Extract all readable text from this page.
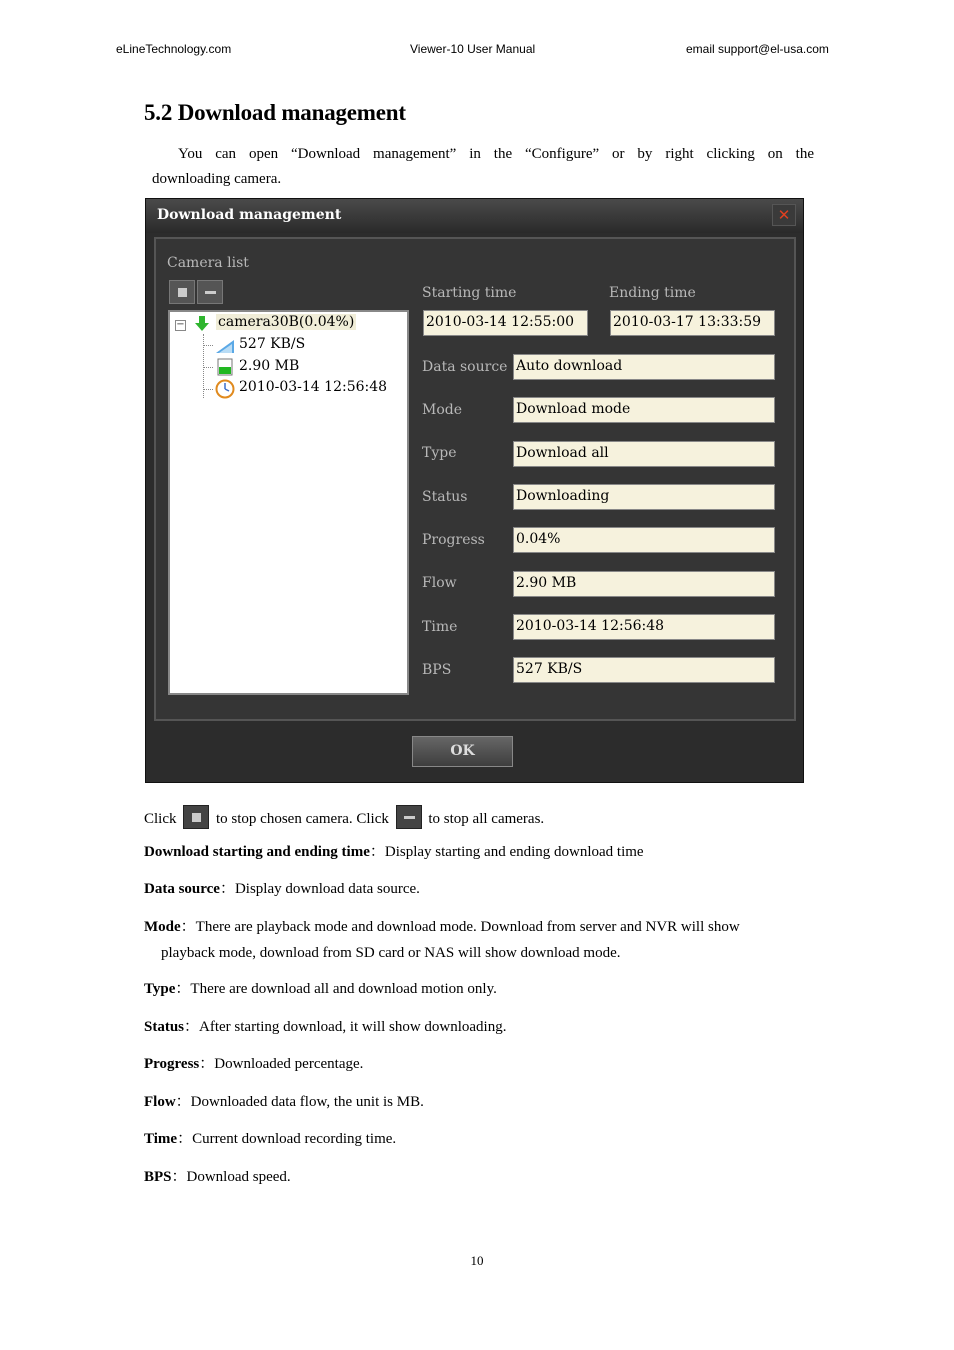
eLineTechnology.com	Viewer-10 User Manual	email support@el-usa.com
5.2 Download management
You can open “Download management” in the “Configure” or by right clicking on the
downloading camera.
Download management	✕
Camera list
− camera30B(0.04%)
527 KB/S
2.90 MB
2010-03-14 12:56:48
Starting time	Ending time
2010-03-14 12:55:00	2010-03-17 13:33:59
Data source Auto download
Mode	Download mode
Type	Download all
Status	Downloading
Progress 0.04%
Flow	2.90 MB
Time	2010-03-14 12:56:48
BPS	527 KB/S
OK
Click	to stop chosen camera. Click	to stop all cameras.
Download starting and ending time：Display starting and ending download time
Data source：Display download data source.
Mode：There are playback mode and download mode. Download from server and NVR will show
playback mode, download from SD card or NAS will show download mode.
Type：There are download all and download motion only.
Status：After starting download, it will show downloading.
Progress：Downloaded percentage.
Flow：Downloaded data flow, the unit is MB.
Time：Current download recording time.
BPS：Download speed.
10
